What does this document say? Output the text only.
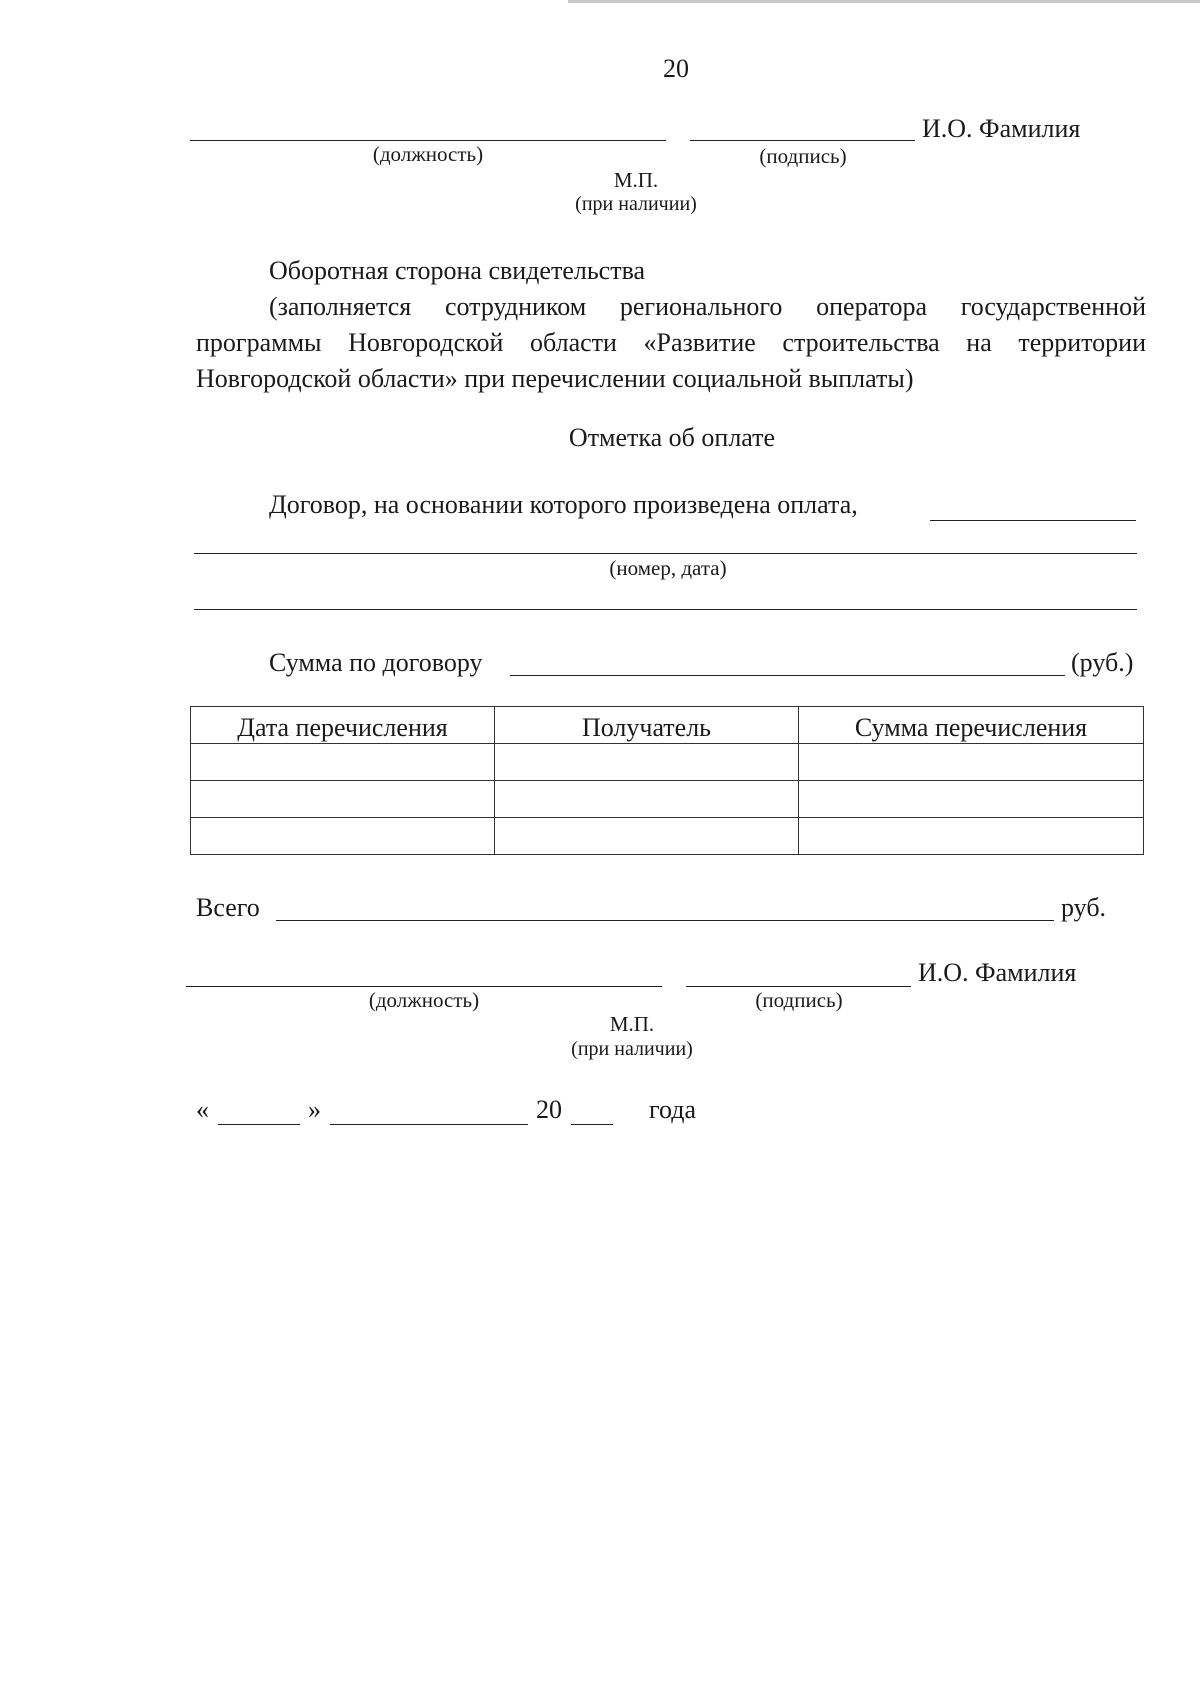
20
И.О. Фамилия
(должность)	(подпись)
М.П.
(при наличии)

Оборотная сторона свидетельства

(заполняется сотрудником регионального оператора государственной

программы Новгородской области «Развитие строительства на территории

Новгородской области» при перечислении социальной выплаты)

Отметка об оплате
Договор, на основании которого произведена оплата,
(номер, дата)
Сумма по договору	(руб.)
Дата перечисления	Получатель	Сумма перечисления

Всего	руб.
И.О. Фамилия
(должность)	(подпись)
М.П.
(при наличии)
«	»	20	года
